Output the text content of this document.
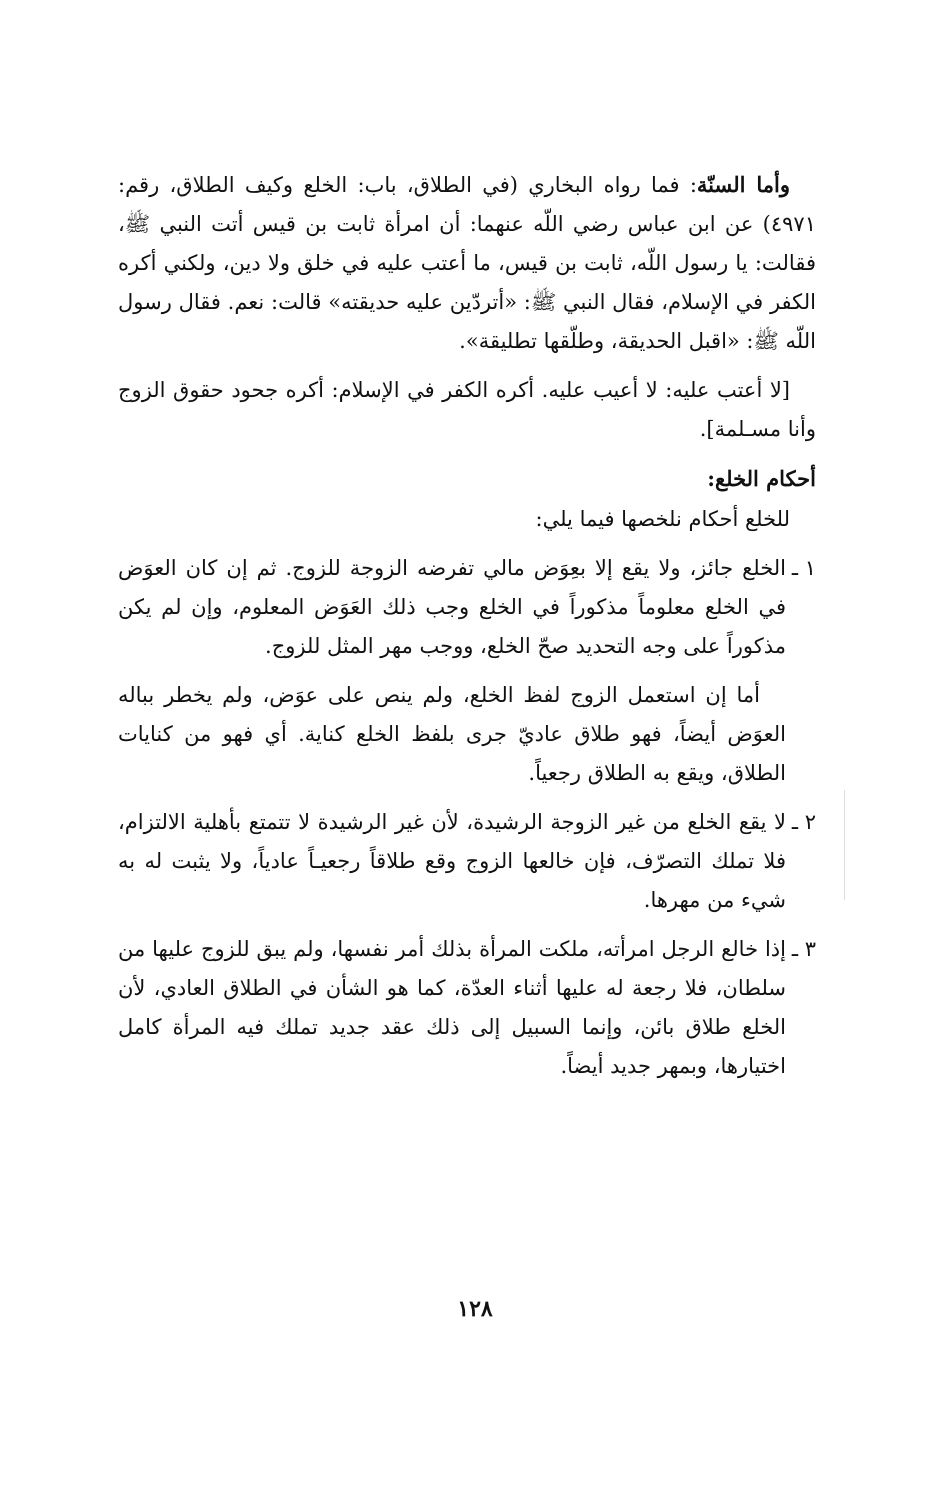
وأما السنّة: فما رواه البخاري (في الطلاق، باب: الخلع وكيف الطلاق، رقم: ٤٩٧١) عن ابن عباس رضي اللّه عنهما: أن امرأة ثابت بن قيس أتت النبي ﷺ، فقالت: يا رسول اللّه، ثابت بن قيس، ما أعتب عليه في خلق ولا دين، ولكني أكره الكفر في الإسلام، فقال النبي ﷺ: «أتردّين عليه حديقته» قالت: نعم. فقال رسول اللّه ﷺ: «اقبل الحديقة، وطلّقها تطليقة».

[لا أعتب عليه: لا أعيب عليه. أكره الكفر في الإسلام: أكره جحود حقوق الزوج وأنا مسـلمة].

أحكام الخلع:

للخلع أحكام نلخصها فيما يلي:

١ ـ
الخلع جائز، ولا يقع إلا بعِوَض مالي تفرضه الزوجة للزوج. ثم إن كان العوَض في الخلع معلوماً مذكوراً في الخلع وجب ذلك العَوَض المعلوم، وإن لم يكن مذكوراً على وجه التحديد صحّ الخلع، ووجب مهر المثل للزوج.

أما إن استعمل الزوج لفظ الخلع، ولم ينص على عوَض، ولم يخطر بباله العوَض أيضاً، فهو طلاق عاديّ جرى بلفظ الخلع كناية. أي فهو من كنايات الطلاق، ويقع به الطلاق رجعياً.

٢ ـ
لا يقع الخلع من غير الزوجة الرشيدة، لأن غير الرشيدة لا تتمتع بأهلية الالتزام، فلا تملك التصرّف، فإن خالعها الزوج وقع طلاقاً رجعيـاً عادياً، ولا يثبت له به شيء من مهرها.
٣ ـ
إذا خالع الرجل امرأته، ملكت المرأة بذلك أمر نفسها، ولم يبق للزوج عليها من سلطان، فلا رجعة له عليها أثناء العدّة، كما هو الشأن في الطلاق العادي، لأن الخلع طلاق بائن، وإنما السبيل إلى ذلك عقد جديد تملك فيه المرأة كامل اختيارها، وبمهر جديد أيضاً.
١٢٨
